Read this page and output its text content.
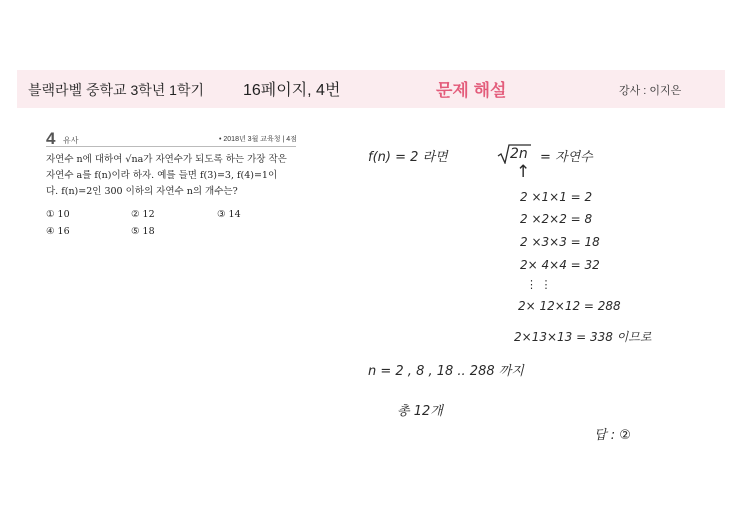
블랙라벨 중학교 3학년 1학기 16페이지, 4번	문제 해설	강사 : 이지은
4 유사	• 2018년 3월 교육청 | 4점
자연수 n에 대하여 √na가 자연수가 되도록 하는 가장 작은
자연수 a를 f(n)이라 하자. 예를 들면 f(3)=3, f(4)=1이
다. f(n)=2인 300 이하의 자연수 n의 개수는?
① 10	② 12	③ 14
④ 16	⑤ 18
f(n) = 2 라면	2n = 자연수
↑
2 ×1×1 = 2
2 ×2×2 = 8
2 ×3×3 = 18
2× 4×4 = 32
⋮ ⋮
2× 12×12 = 288
2×13×13 = 338 이므로
n = 2 , 8 , 18 .. 288 까지
총 12개
답 : ②
